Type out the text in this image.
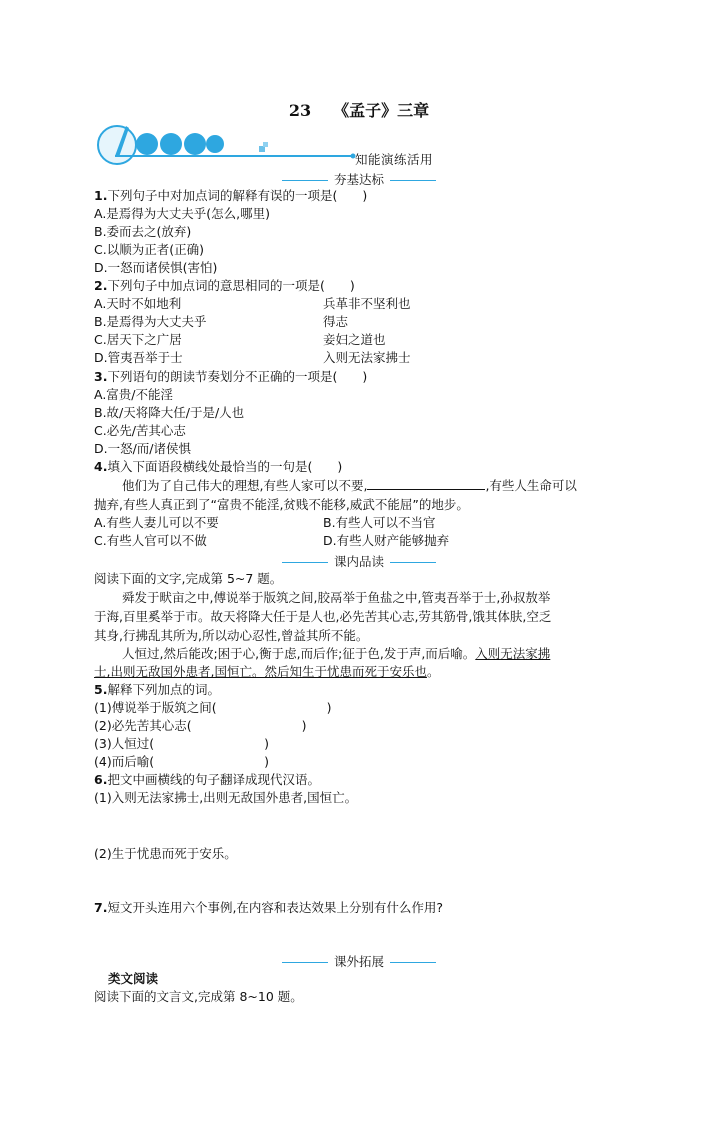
23 《孟子》三章
知能演练活用
夯基达标
1.下列句子中对加点词的解释有误的一项是(　　)
A.是焉得为大丈夫乎(怎么,哪里)
B.委而去之(放弃)
C.以顺为正者(正确)
D.一怒而诸侯惧(害怕)
2.下列句子中加点词的意思相同的一项是(　　)
A.天时不如地利	兵革非不坚利也
B.是焉得为大丈夫乎	得志
C.居天下之广居	妾妇之道也
D.管夷吾举于士	入则无法家拂士
3.下列语句的朗读节奏划分不正确的一项是(　　)
A.富贵/不能淫
B.故/天将降大任/于是/人也
C.必先/苦其心志
D.一怒/而/诸侯惧
4.填入下面语段横线处最恰当的一句是(　　)
他们为了自己伟大的理想,有些人家可以不要,	,有些人生命可以
抛弃,有些人真正到了“富贵不能淫,贫贱不能移,威武不能屈”的地步。
A.有些人妻儿可以不要	B.有些人可以不当官
C.有些人官可以不做	D.有些人财产能够抛弃
课内品读
阅读下面的文字,完成第 5~7 题。
舜发于畎亩之中,傅说举于版筑之间,胶鬲举于鱼盐之中,管夷吾举于士,孙叔敖举
于海,百里奚举于市。故天将降大任于是人也,必先苦其心志,劳其筋骨,饿其体肤,空乏
其身,行拂乱其所为,所以动心忍性,曾益其所不能。
人恒过,然后能改;困于心,衡于虑,而后作;征于色,发于声,而后喻。入则无法家拂
士,出则无敌国外患者,国恒亡。然后知生于忧患而死于安乐也。
5.解释下列加点的词。
(1)傅说举于版筑之间(	)
(2)必先苦其心志(	)
(3)人恒过(	)
(4)而后喻(	)
6.把文中画横线的句子翻译成现代汉语。
(1)入则无法家拂士,出则无敌国外患者,国恒亡。
(2)生于忧患而死于安乐。
7.短文开头连用六个事例,在内容和表达效果上分别有什么作用?
课外拓展
类文阅读
阅读下面的文言文,完成第 8~10 题。
